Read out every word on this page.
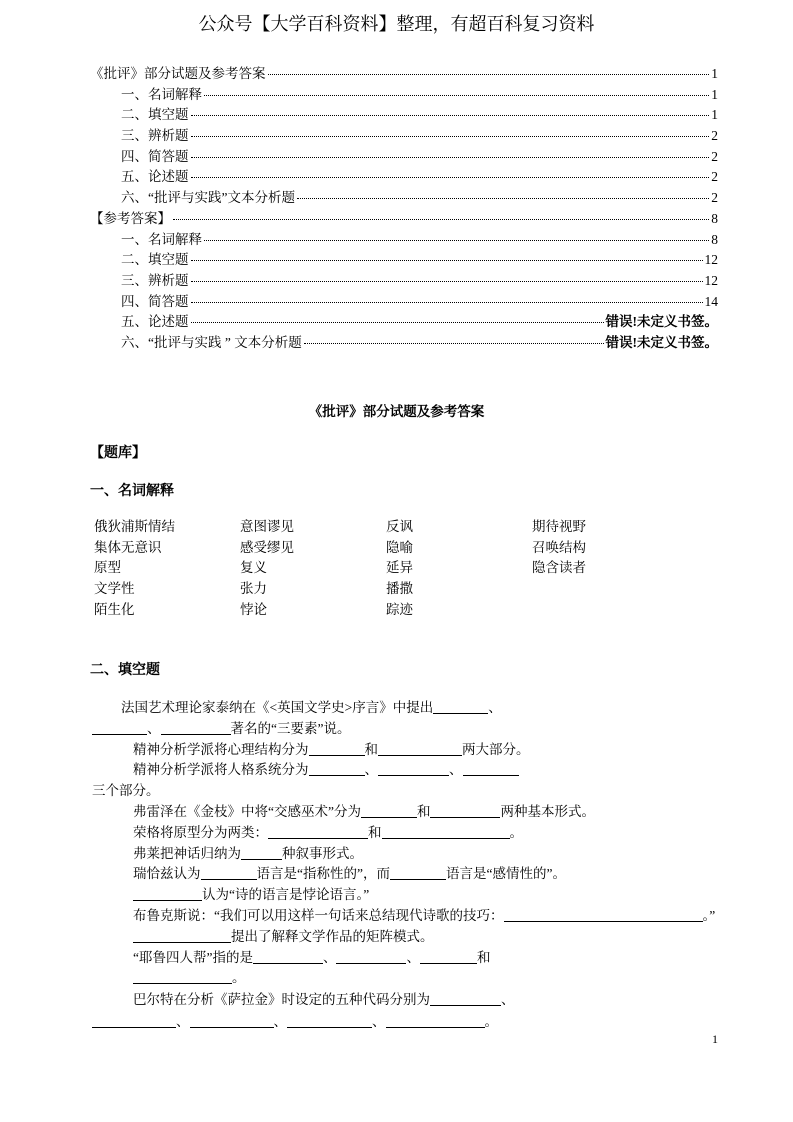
公众号【大学百科资料】整理，有超百科复习资料
《批评》部分试题及参考答案	1
一、名词解释	1
二、填空题	1
三、辨析题	2
四、简答题	2
五、论述题	2
六、“批评与实践”文本分析题	2
【参考答案】	8
一、名词解释	8
二、填空题	12
三、辨析题	12
四、简答题	14
五、论述题	错误!未定义书签。
六、“批评与实践 ” 文本分析题	错误!未定义书签。
《批评》部分试题及参考答案
【题库】
一、名词解释
俄狄浦斯情结	意图谬见	反讽	期待视野
集体无意识	感受缪见	隐喻	召唤结构
原型	复义	延异	隐含读者
文学性	张力	播撒
陌生化	悖论	踪迹
二、填空题
法国艺术理论家泰纳在《<英国文学史>序言》中提出	、
、	著名的“三要素”说。
精神分析学派将心理结构分为	和	两大部分。
精神分析学派将人格系统分为	、	、
三个部分。
弗雷泽在《金枝》中将“交感巫术”分为	和	两种基本形式。
荣格将原型分为两类：	和	。
弗莱把神话归纳为	种叙事形式。
瑞恰兹认为	语言是“指称性的”，而	语言是“感情性的”。
认为“诗的语言是悖论语言。”
布鲁克斯说：“我们可以用这样一句话来总结现代诗歌的技巧：	。”
提出了解释文学作品的矩阵模式。
“耶鲁四人帮”指的是	、	、	和
。
巴尔特在分析《萨拉金》时设定的五种代码分别为	、
、	、	、	。
1
